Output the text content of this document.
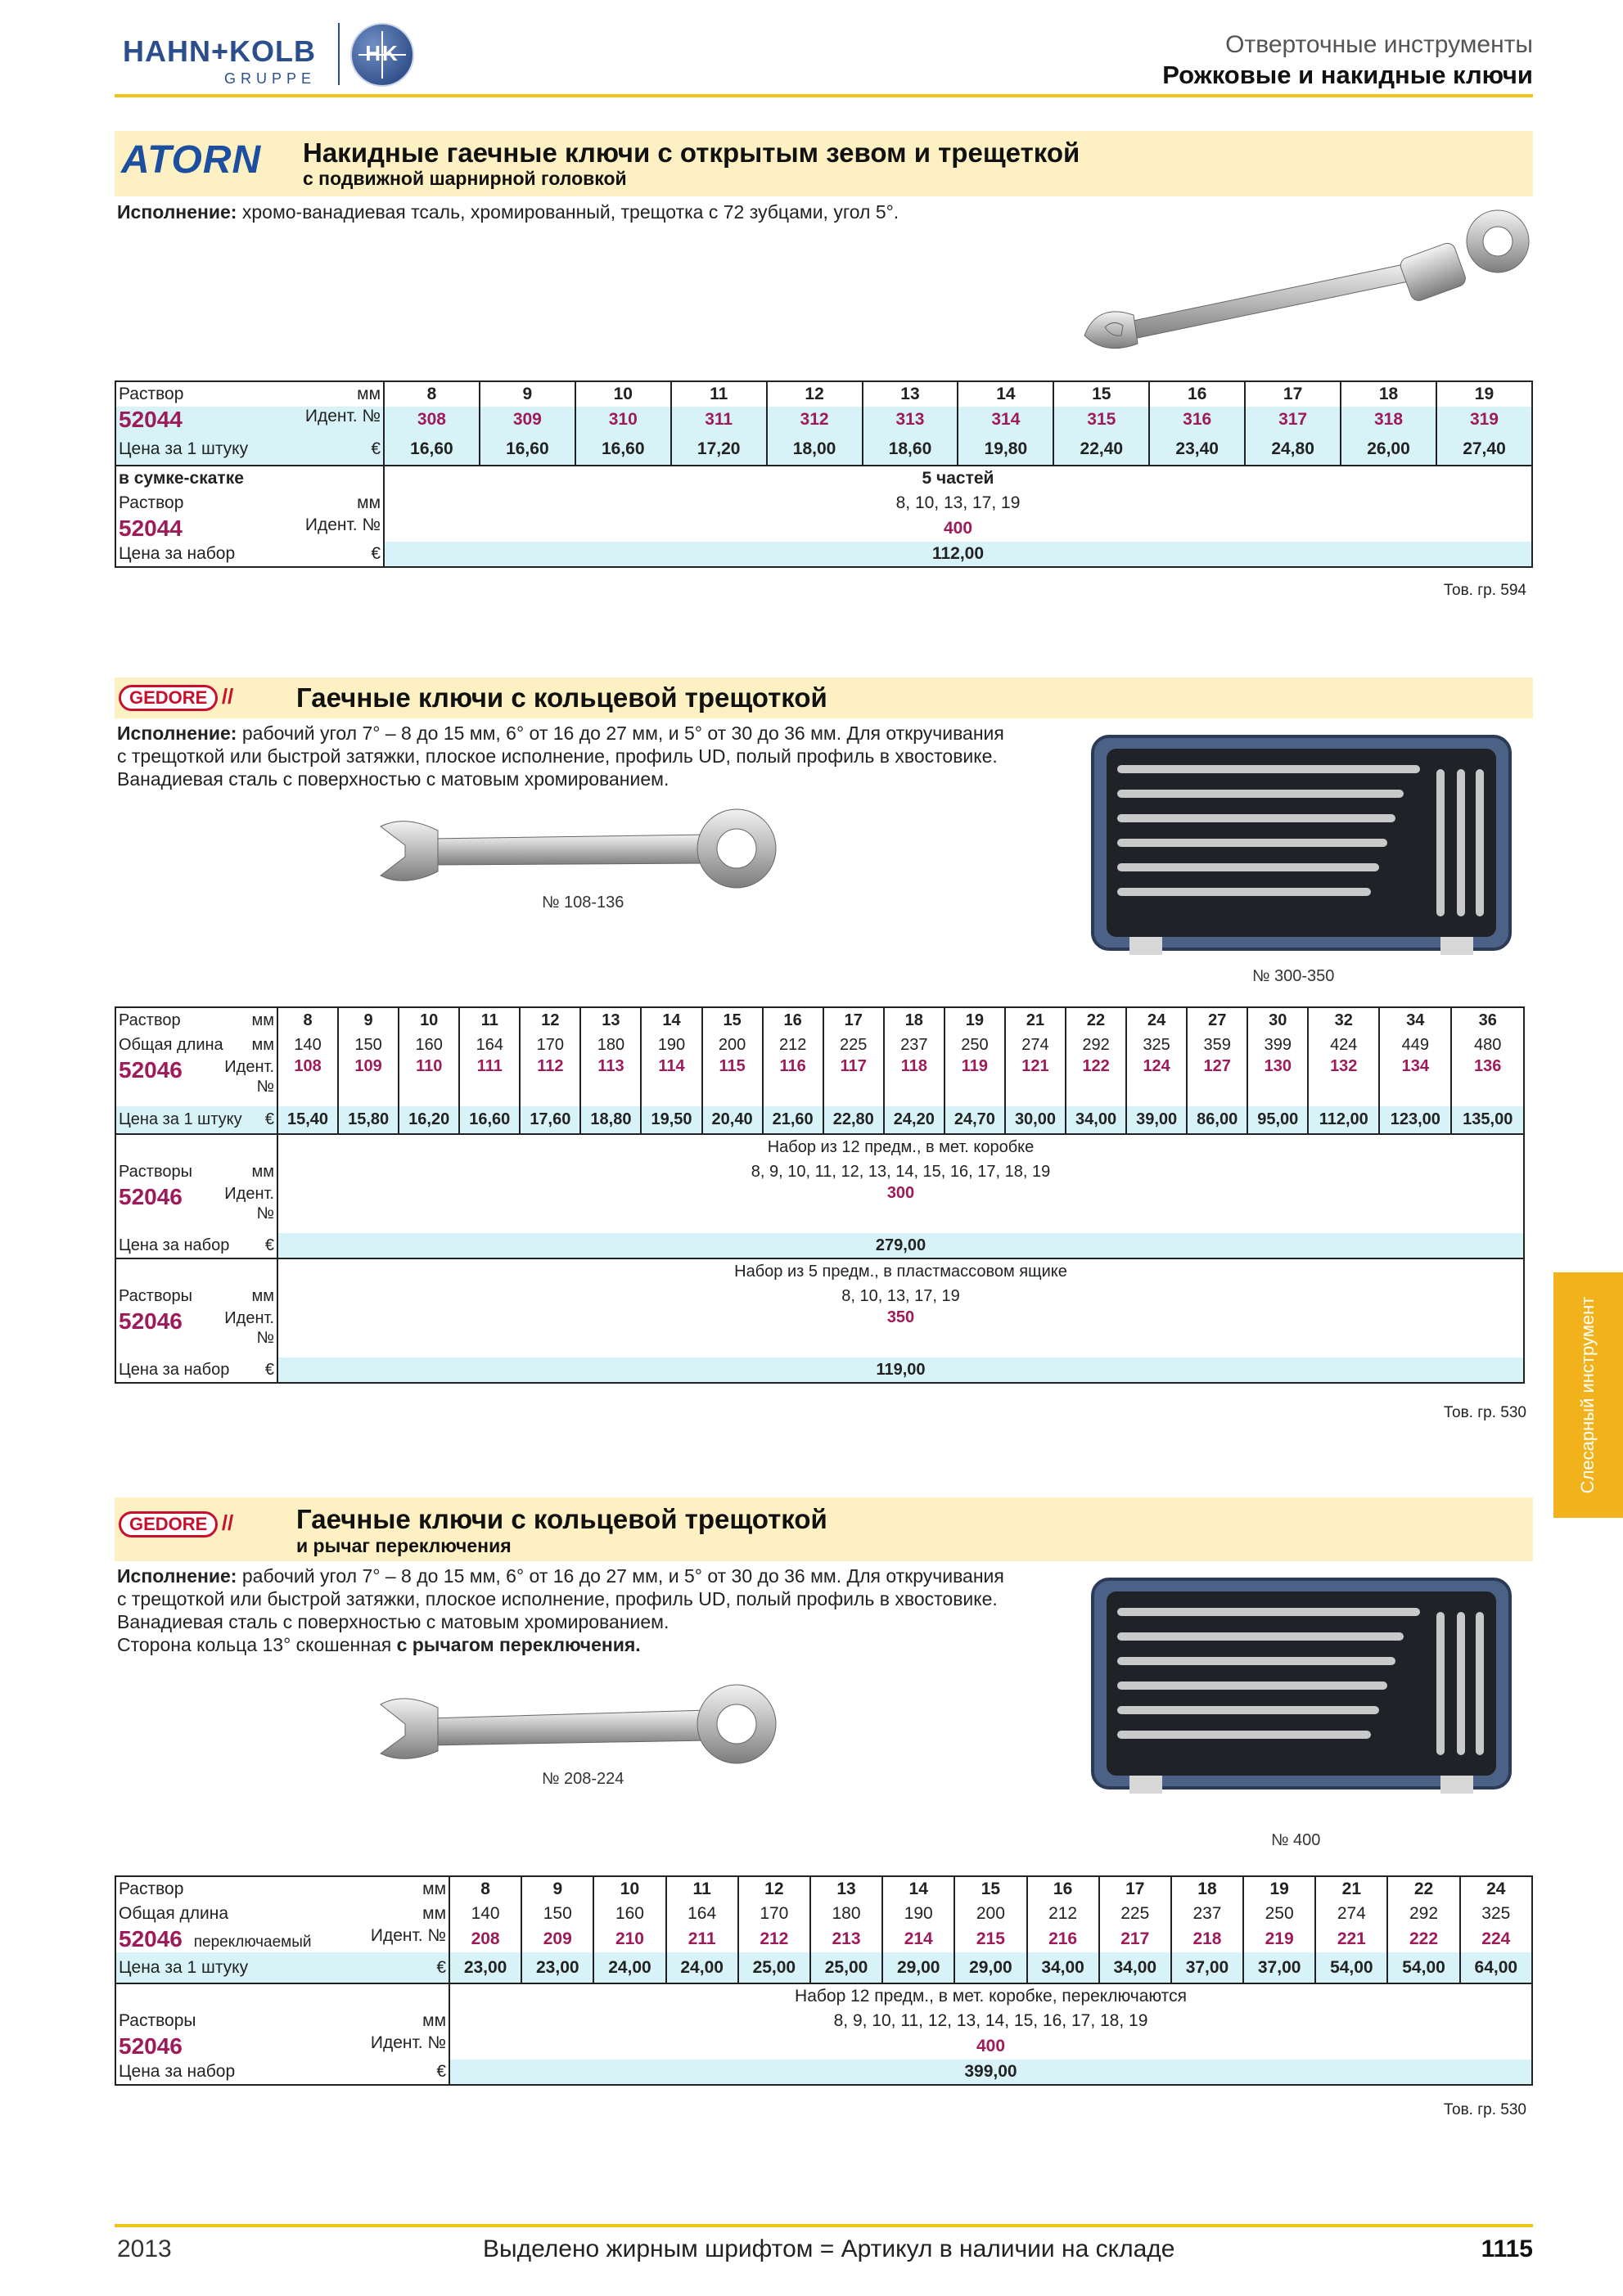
HAHN+KOLB
GRUPPE
HK	Отверточные инструменты
Рожковые и накидные ключи
ATORN Накидные гаечные ключи с открытым зевом и трещеткой
с подвижной шарнирной головкой
Исполнение: хромо-ванадиевая тсаль, хромированный, трещотка с 72 зубцами, угол 5°.
Раствор мм	8	9	10	11	12	13	14	15	16	17	18	19
52044 Идент. №	308	309	310	311	312	313	314	315	316	317	318	319
Цена за 1 штуку €	16,60	16,60	16,60	17,20	18,00	18,60	19,80	22,40	23,40	24,80	26,00	27,40
в сумке-скатке	5 частей											
Раствор мм	8, 10, 13, 17, 19											
52044 Идент. №	400											
Цена за набор €	112,00											
Тов. гр. 594
GEDORE // Гаечные ключи с кольцевой трещоткой
Исполнение: рабочий угол 7° – 8 до 15 мм, 6° от 16 до 27 мм, и 5° от 30 до 36 мм. Для откручивания
с трещоткой или быстрой затяжки, плоское исполнение, профиль UD, полый профиль в хвостовике.
Ванадиевая сталь с поверхностью с матовым хромированием.
№ 108-136
№ 300-350
Раствор мм	8	9	10	11	12	13	14	15	16	17	18	19	21	22	24	27	30	32	34	36
Общая длина мм	140	150	160	164	170	180	190	200	212	225	237	250	274	292	325	359	399	424	449	480
52046 Идент.
№	108	109	110	111	112	113	114	115	116	117	118	119	121	122	124	127	130	132	134	136
Цена за 1 штуку €	15,40	15,80	16,20	16,60	17,60	18,80	19,50	20,40	21,60	22,80	24,20	24,70	30,00	34,00	39,00	86,00	95,00	112,00	123,00	135,00
	Набор из 12 предм., в мет. коробке																			
Растворы мм	8, 9, 10, 11, 12, 13, 14, 15, 16, 17, 18, 19																			
52046 Идент.
№	300																			
Цена за набор €	279,00																			
	Набор из 5 предм., в пластмассовом ящике																			
Растворы мм	8, 10, 13, 17, 19																			
52046 Идент.
№	350																			
Цена за набор €	119,00																			
Тов. гр. 530	Слесарный инструмент
GEDORE // Гаечные ключи с кольцевой трещоткой
и рычаг переключения
Исполнение: рабочий угол 7° – 8 до 15 мм, 6° от 16 до 27 мм, и 5° от 30 до 36 мм. Для откручивания
с трещоткой или быстрой затяжки, плоское исполнение, профиль UD, полый профиль в хвостовике.
Ванадиевая сталь с поверхностью с матовым хромированием.
Сторона кольца 13° скошенная с рычагом переключения.
№ 208-224
№ 400
Раствор мм	8	9	10	11	12	13	14	15	16	17	18	19	21	22	24
Общая длина мм	140	150	160	164	170	180	190	200	212	225	237	250	274	292	325
52046 переключаемый Идент. №	208	209	210	211	212	213	214	215	216	217	218	219	221	222	224
Цена за 1 штуку €	23,00	23,00	24,00	24,00	25,00	25,00	29,00	29,00	34,00	34,00	37,00	37,00	54,00	54,00	64,00
	Набор 12 предм., в мет. коробке, переключаются														
Растворы мм	8, 9, 10, 11, 12, 13, 14, 15, 16, 17, 18, 19														
52046 Идент. №	400														
Цена за набор €	399,00														
Тов. гр. 530
2013	Выделено жирным шрифтом = Артикул в наличии на складе	1115
